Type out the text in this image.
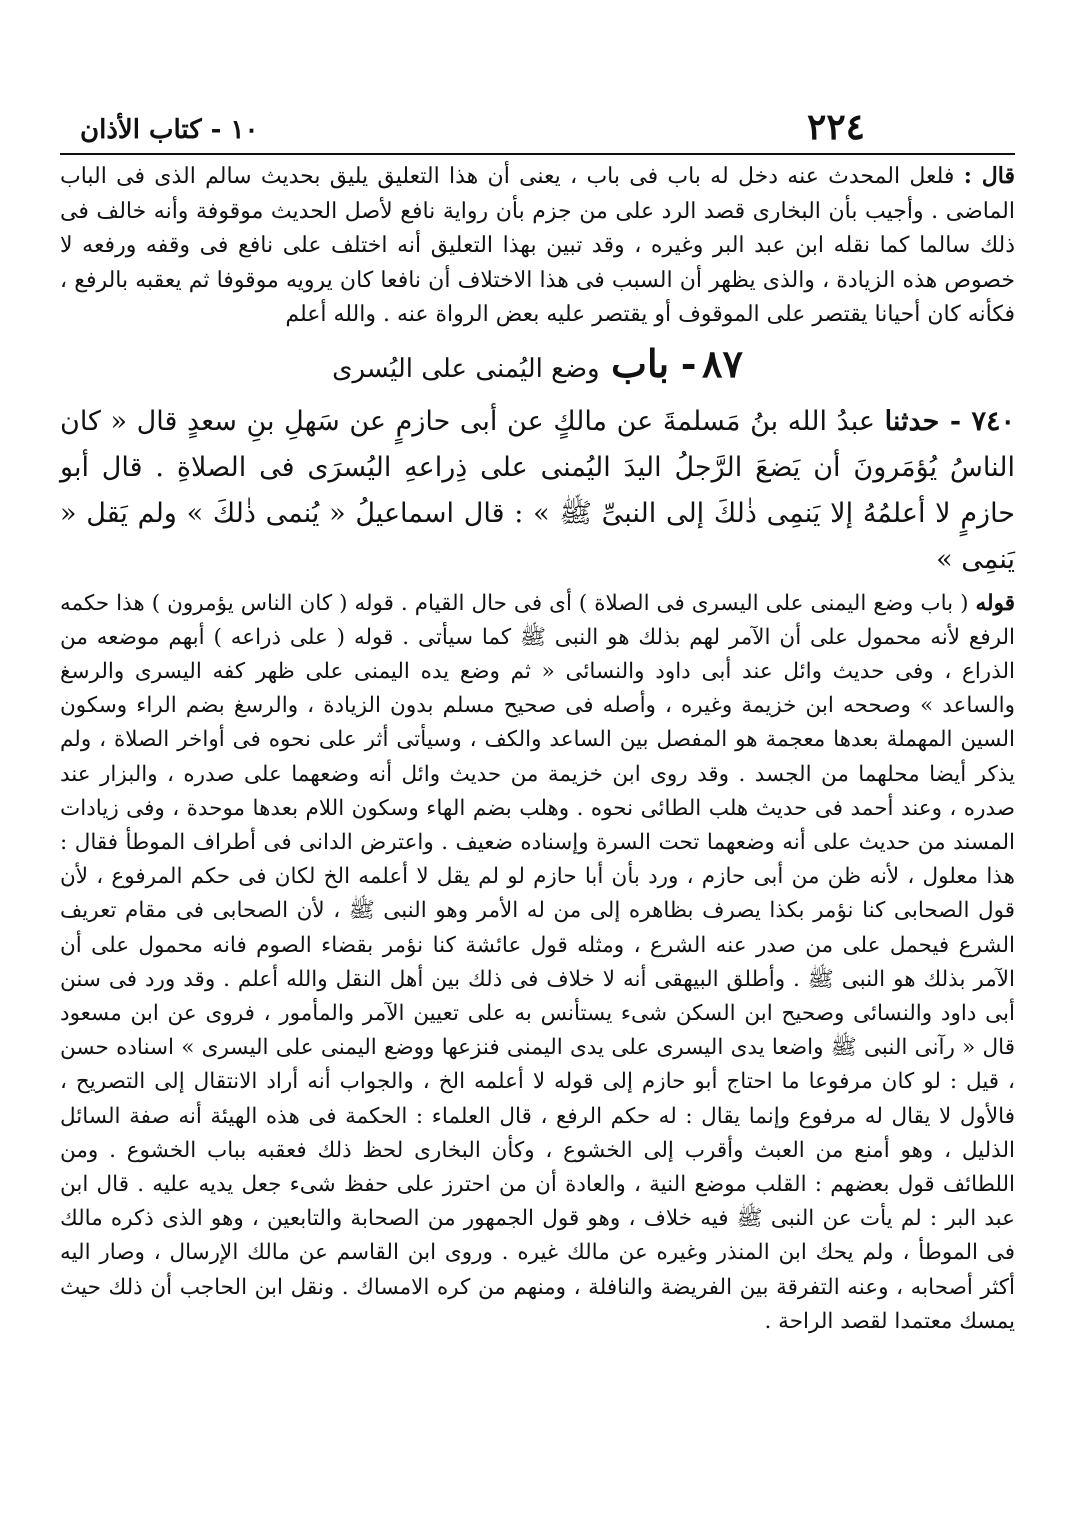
٢٢٤
١٠ - كتاب الأذان

قال : فلعل المحدث عنه دخل له باب فى باب ، يعنى أن هذا التعليق يليق بحديث سالم الذى فى الباب الماضى . وأجيب بأن البخارى قصد الرد على من جزم بأن رواية نافع لأصل الحديث موقوفة وأنه خالف فى ذلك سالما كما نقله ابن عبد البر وغيره ، وقد تبين بهذا التعليق أنه اختلف على نافع فى وقفه ورفعه لا خصوص هذه الزيادة ، والذى يظهر أن السبب فى هذا الاختلاف أن نافعا كان يرويه موقوفا ثم يعقبه بالرفع ، فكأنه كان أحيانا يقتصر على الموقوف أو يقتصر عليه بعض الرواة عنه . والله أعلم

٨٧ - باب وضع اليُمنى على اليُسرى

٧٤٠ - حدثنا عبدُ الله بنُ مَسلمةَ عن مالكٍ عن أبى حازمٍ عن سَهلِ بنِ سعدٍ قال « كان الناسُ يُؤمَرونَ أن يَضعَ الرَّجلُ اليدَ اليُمنى على ذِراعهِ اليُسرَى فى الصلاةِ . قال أبو حازمٍ لا أعلمُهُ إلا يَنمِى ذٰلكَ إلى النبىِّ ﷺ » : قال اسماعيلُ « يُنمى ذٰلكَ » ولم يَقل « يَنمِى »

قوله ( باب وضع اليمنى على اليسرى فى الصلاة ) أى فى حال القيام . قوله ( كان الناس يؤمرون ) هذا حكمه الرفع لأنه محمول على أن الآمر لهم بذلك هو النبى ﷺ كما سيأتى . قوله ( على ذراعه ) أبهم موضعه من الذراع ، وفى حديث وائل عند أبى داود والنسائى « ثم وضع يده اليمنى على ظهر كفه اليسرى والرسغ والساعد » وصححه ابن خزيمة وغيره ، وأصله فى صحيح مسلم بدون الزيادة ، والرسغ بضم الراء وسكون السين المهملة بعدها معجمة هو المفصل بين الساعد والكف ، وسيأتى أثر على نحوه فى أواخر الصلاة ، ولم يذكر أيضا محلهما من الجسد . وقد روى ابن خزيمة من حديث وائل أنه وضعهما على صدره ، والبزار عند صدره ، وعند أحمد فى حديث هلب الطائى نحوه . وهلب بضم الهاء وسكون اللام بعدها موحدة ، وفى زيادات المسند من حديث على أنه وضعهما تحت السرة وإسناده ضعيف . واعترض الدانى فى أطراف الموطأ فقال : هذا معلول ، لأنه ظن من أبى حازم ، ورد بأن أبا حازم لو لم يقل لا أعلمه الخ لكان فى حكم المرفوع ، لأن قول الصحابى كنا نؤمر بكذا يصرف بظاهره إلى من له الأمر وهو النبى ﷺ ، لأن الصحابى فى مقام تعريف الشرع فيحمل على من صدر عنه الشرع ، ومثله قول عائشة كنا نؤمر بقضاء الصوم فانه محمول على أن الآمر بذلك هو النبى ﷺ . وأطلق البيهقى أنه لا خلاف فى ذلك بين أهل النقل والله أعلم . وقد ورد فى سنن أبى داود والنسائى وصحيح ابن السكن شىء يستأنس به على تعيين الآمر والمأمور ، فروى عن ابن مسعود قال « رآنى النبى ﷺ واضعا يدى اليسرى على يدى اليمنى فنزعها ووضع اليمنى على اليسرى » اسناده حسن ، قيل : لو كان مرفوعا ما احتاج أبو حازم إلى قوله لا أعلمه الخ ، والجواب أنه أراد الانتقال إلى التصريح ، فالأول لا يقال له مرفوع وإنما يقال : له حكم الرفع ، قال العلماء : الحكمة فى هذه الهيئة أنه صفة السائل الذليل ، وهو أمنع من العبث وأقرب إلى الخشوع ، وكأن البخارى لحظ ذلك فعقبه بباب الخشوع . ومن اللطائف قول بعضهم : القلب موضع النية ، والعادة أن من احترز على حفظ شىء جعل يديه عليه . قال ابن عبد البر : لم يأت عن النبى ﷺ فيه خلاف ، وهو قول الجمهور من الصحابة والتابعين ، وهو الذى ذكره مالك فى الموطأ ، ولم يحك ابن المنذر وغيره عن مالك غيره . وروى ابن القاسم عن مالك الإرسال ، وصار اليه أكثر أصحابه ، وعنه التفرقة بين الفريضة والنافلة ، ومنهم من كره الامساك . ونقل ابن الحاجب أن ذلك حيث يمسك معتمدا لقصد الراحة .
